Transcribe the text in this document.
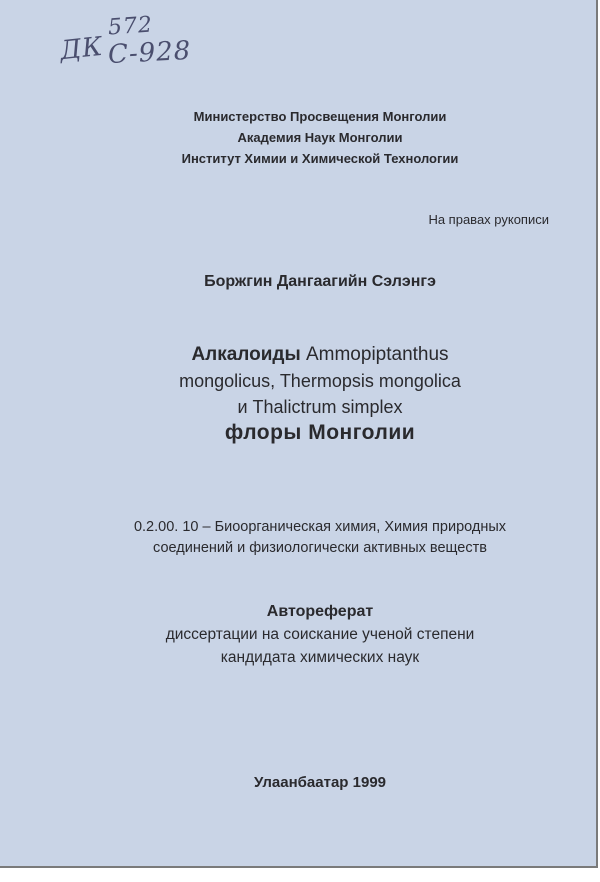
572
ДК С-928
Министерство Просвещения Монголии
Академия Наук Монголии
Институт Химии и Химической Технологии
На правах рукописи
Боржгин Дангаагийн Сэлэнгэ
Алкалоиды Ammopiptanthus
mongolicus, Thermopsis mongolica
и Thalictrum simplex
флоры Монголии
0.2.00. 10 – Биоорганическая химия, Химия природных
соединений и физиологически активных веществ
Автореферат
диссертации на соискание ученой степени
кандидата химических наук
Улаанбаатар 1999
